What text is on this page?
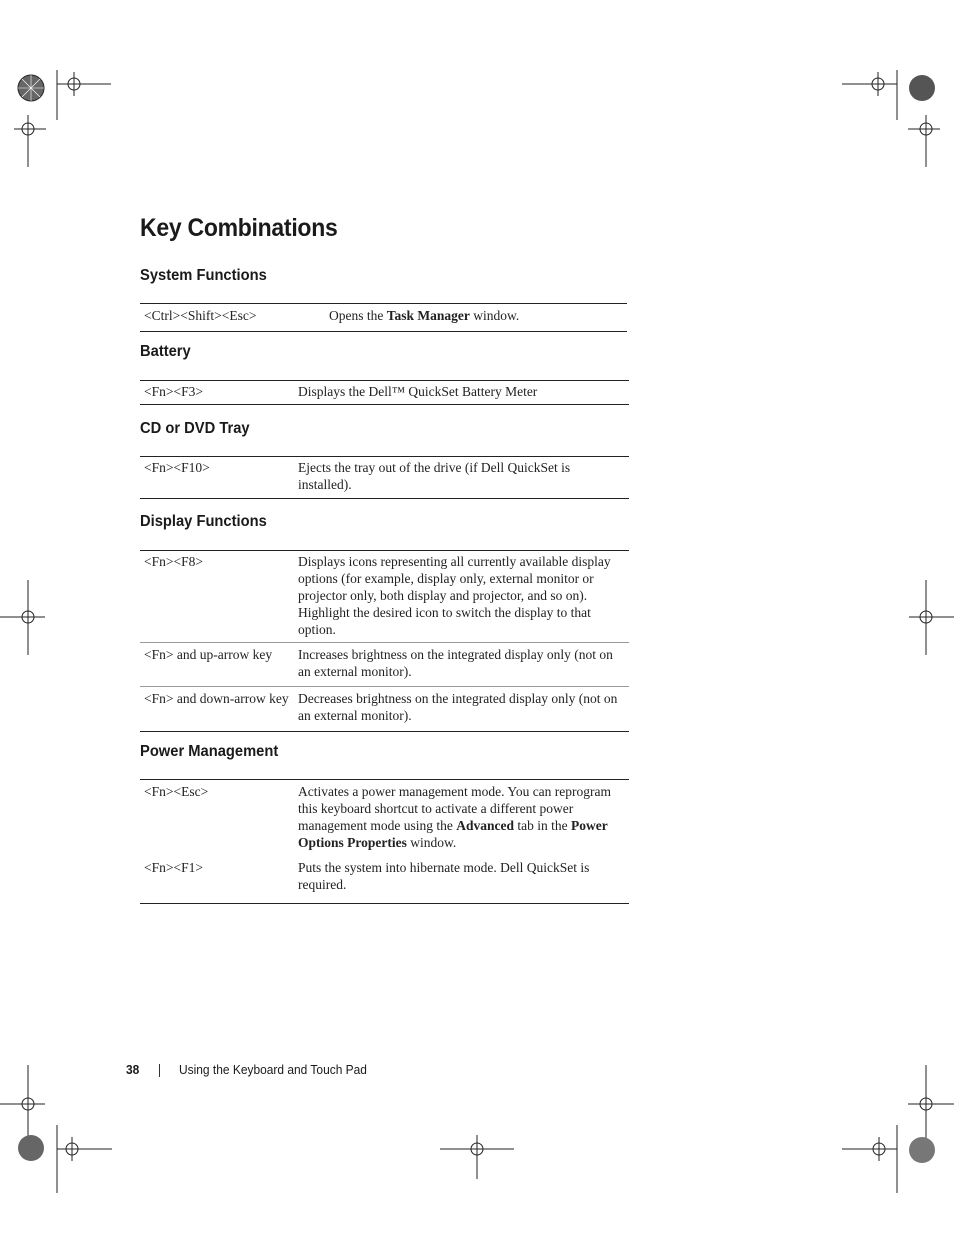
Key Combinations
System Functions
<Ctrl><Shift><Esc>	Opens the Task Manager window.
Battery
<Fn><F3>	Displays the Dell™ QuickSet Battery Meter
CD or DVD Tray
<Fn><F10>	Ejects the tray out of the drive (if Dell QuickSet is installed).
Display Functions
<Fn><F8>	Displays icons representing all currently available display options (for example, display only, external monitor or projector only, both display and projector, and so on). Highlight the desired icon to switch the display to that option.
<Fn> and up-arrow key	Increases brightness on the integrated display only (not on an external monitor).
<Fn> and down-arrow key	Decreases brightness on the integrated display only (not on an external monitor).
Power Management
<Fn><Esc>	Activates a power management mode. You can reprogram this keyboard shortcut to activate a different power management mode using the Advanced tab in the Power Options Properties window.
<Fn><F1>	Puts the system into hibernate mode. Dell QuickSet is required.
38	Using the Keyboard and Touch Pad
